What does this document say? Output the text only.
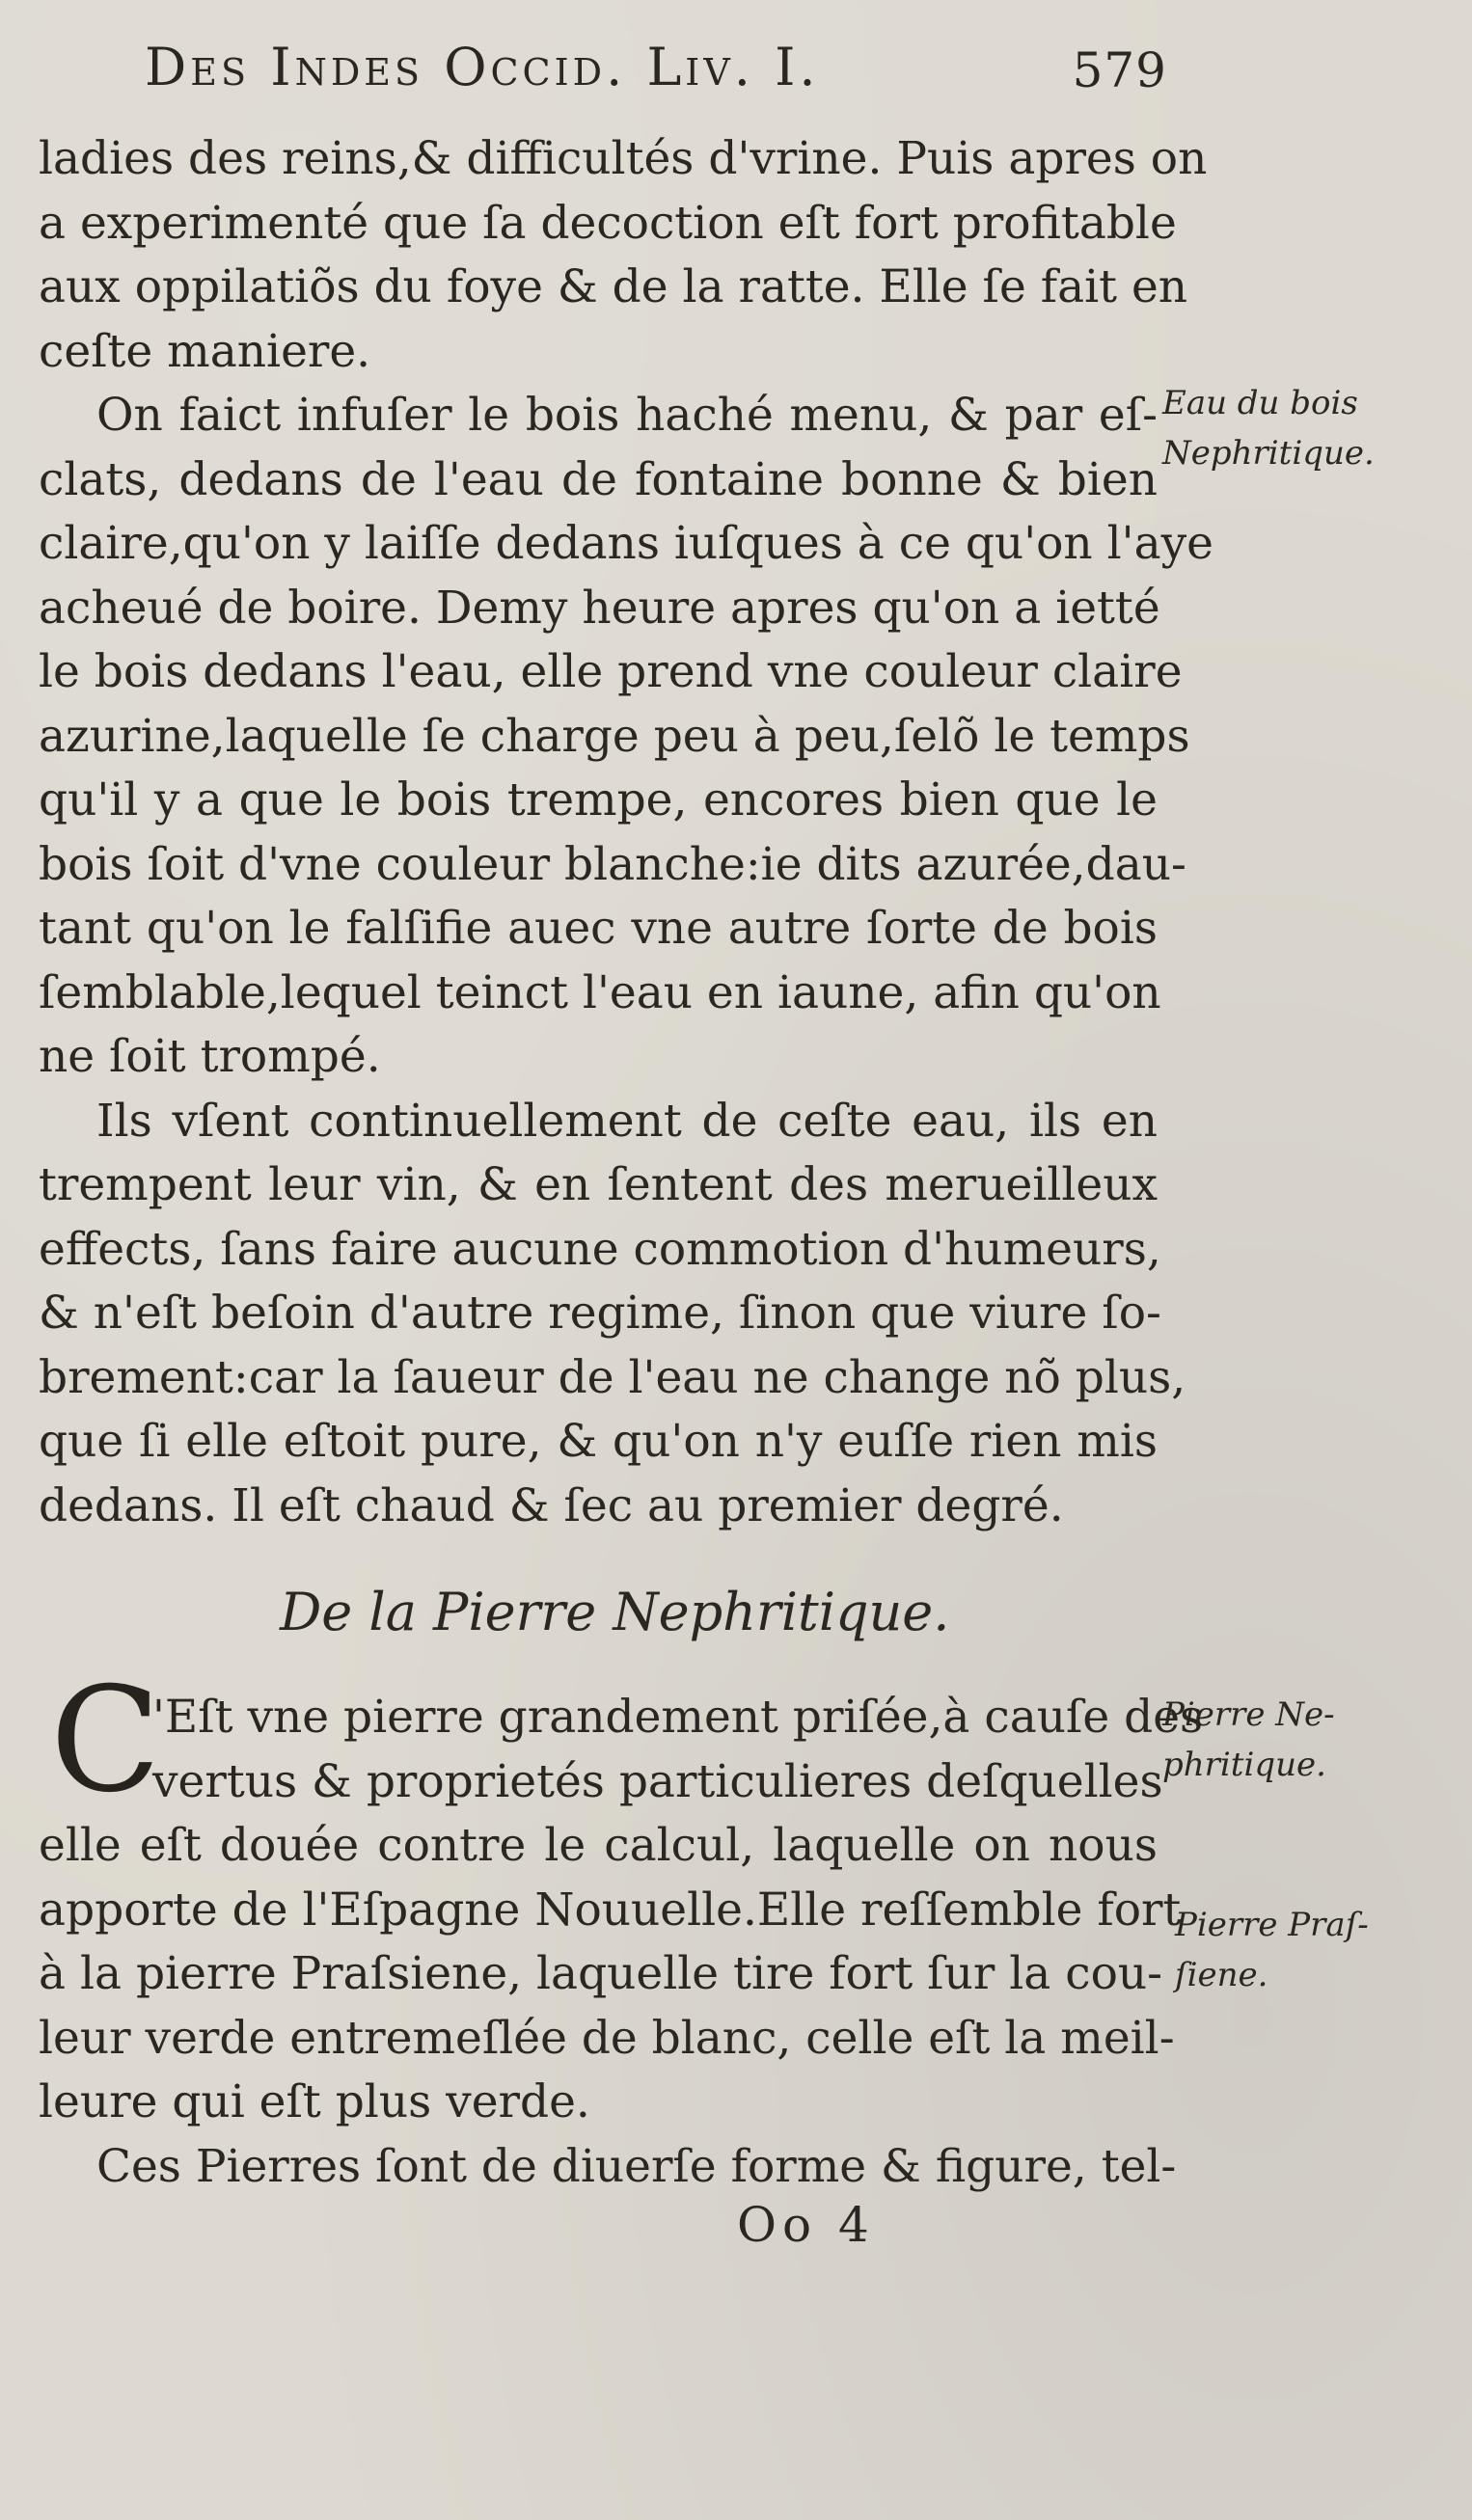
Des Indes Occid. Liv. I.	579
ladies des reins,& difficultés d'vrine. Puis apres on
a experimenté que ſa decoction eſt fort profitable
aux oppilatiõs du foye & de la ratte. Elle ſe fait en
ceſte maniere.
On faict infuſer le bois haché menu, & par eſ-
clats, dedans de l'eau de fontaine bonne & bien
claire,qu'on y laiſſe dedans iuſques à ce qu'on l'aye
acheué de boire. Demy heure apres qu'on a ietté
le bois dedans l'eau, elle prend vne couleur claire
azurine,laquelle ſe charge peu à peu,ſelõ le temps
qu'il y a que le bois trempe, encores bien que le
bois ſoit d'vne couleur blanche:ie dits azurée,dau-
tant qu'on le falſifie auec vne autre ſorte de bois
ſemblable,lequel teinct l'eau en iaune, afin qu'on
ne ſoit trompé.
Ils vſent continuellement de ceſte eau, ils en
trempent leur vin, & en ſentent des merueilleux
effects, ſans faire aucune commotion d'humeurs,
& n'eſt beſoin d'autre regime, ſinon que viure ſo-
brement:car la ſaueur de l'eau ne change nõ plus,
que ſi elle eſtoit pure, & qu'on n'y euſſe rien mis
dedans. Il eſt chaud & ſec au premier degré.
De la Pierre Nephritique.
C
'Eſt vne pierre grandement priſée,à cauſe des
vertus & proprietés particulieres deſquelles
elle eſt douée contre le calcul, laquelle on nous
apporte de l'Eſpagne Nouuelle.Elle reſſemble fort
à la pierre Praſsiene, laquelle tire fort ſur la cou-
leur verde entremeſlée de blanc, celle eſt la meil-
leure qui eſt plus verde.
Ces Pierres ſont de diuerſe forme & figure, tel-
Eau du bois
Nephritique.
Pierre Ne-
phritique.
Pierre Praſ-
ſiene.
Oo 4
